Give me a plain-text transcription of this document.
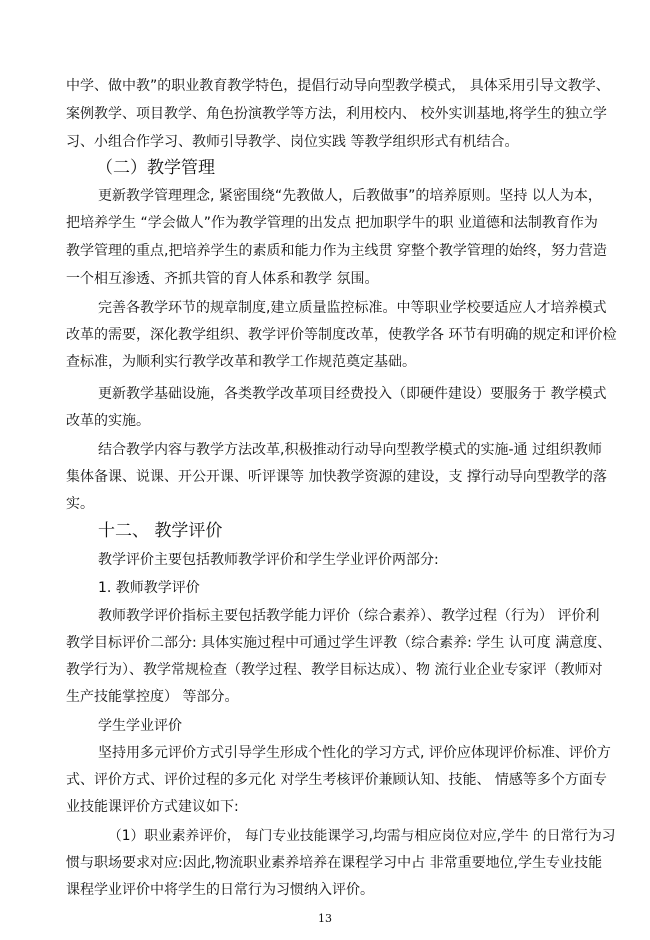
中学、做中教”的职业教育教学特色，提倡行动导向型教学模式， 具体采用引导文教学、
案例教学、项目教学、角色扮演教学等方法，利用校内、 校外实训基地,将学生的独立学
习、小组合作学习、教师引导教学、岗位实践 等教学组织形式有机结合。
（二）教学管理
更新教学管理理念, 紧密围绕“先教做人，后教做事”的培养原则。坚持 以人为本，
把培养学生 “学会做人”作为教学管理的出发点 把加职学牛的职 业道德和法制教育作为
教学管理的重点,把培养学生的素质和能力作为主线贯 穿整个教学管理的始终，努力营造
一个相互渗透、齐抓共管的育人体系和教学 氛围。
完善各教学环节的规章制度,建立质量监控标准。中等职业学校要适应人才培养模式
改革的需要，深化教学组织、教学评价等制度改革，使教学各 环节有明确的规定和评价检
查标准，为顺利实行教学改革和教学工作规范奠定基础。
更新教学基础设施，各类教学改革项目经费投入（即硬件建设）要服务于 教学模式
改革的实施。
结合教学内容与教学方法改革,积极推动行动导向型教学模式的实施-通 过组织教师
集体备课、说课、开公开课、听评课等 加快教学资源的建设，支 撑行动导向型教学的落
实。
十二、 教学评价
教学评价主要包括教师教学评价和学生学业评价两部分:
1. 教师教学评价
教师教学评价指标主要包括教学能力评价（综合素养）、教学过程（行为） 评价利
教学目标评价二部分: 具体实施过程中可通过学生评教（综合素养: 学生 认可度 满意度、
教学行为）、教学常规检查（教学过程、教学目标达成）、物 流行业企业专家评（教师对
生产技能掌控度） 等部分。
学生学业评价
坚持用多元评价方式引导学生形成个性化的学习方式, 评价应体现评价标准、评价方
式、评价方式、评价过程的多元化 对学生考核评价兼顾认知、技能、 情感等多个方面专
业技能课评价方式建议如下:
（1）职业素养评价， 每门专业技能课学习,均需与相应岗位对应,学牛 的日常行为习
惯与职场要求对应:因此,物流职业素养培养在课程学习中占 非常重要地位,学生专业技能
课程学业评价中将学生的日常行为习惯纳入评价。
13
